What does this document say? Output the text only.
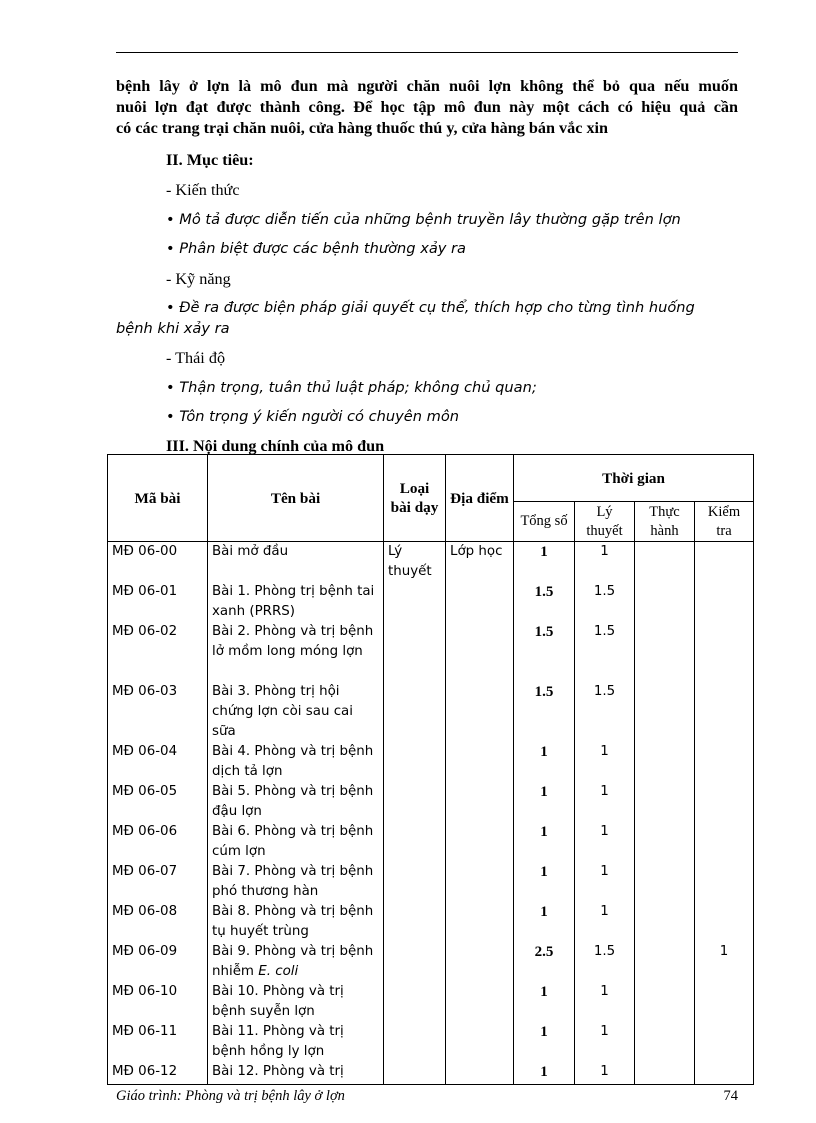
bệnh lây ở lợn là mô đun mà người chăn nuôi lợn không thể bỏ qua nếu muốn
nuôi lợn đạt được thành công. Để học tập mô đun này một cách có hiệu quả cần
có các trang trại chăn nuôi, cửa hàng thuốc thú y, cửa hàng bán vắc xin
II. Mục tiêu:
- Kiến thức
• Mô tả được diễn tiến của những bệnh truyền lây thường gặp trên lợn
• Phân biệt được các bệnh thường xảy ra
- Kỹ năng
• Đề ra được biện pháp giải quyết cụ thể, thích hợp cho từng tình huống
bệnh khi xảy ra
- Thái độ
• Thận trọng, tuân thủ luật pháp; không chủ quan;
• Tôn trọng ý kiến người có chuyên môn
III. Nội dung chính của mô đun
Mã bài	Tên bài	Loại bài dạy	Địa điểm	Thời gian			
				Tổng số	Lý thuyết	Thực hành	Kiểm tra
MĐ 06-00	Bài mở đầu	Lý thuyết	Lớp học	1	1		
MĐ 06-01	Bài 1. Phòng trị bệnh tai xanh (PRRS)			1.5	1.5		
MĐ 06-02	Bài 2. Phòng và trị bệnh lở mồm long móng lợn			1.5	1.5		
MĐ 06-03	Bài 3. Phòng trị hội chứng lợn còi sau cai sữa			1.5	1.5		
MĐ 06-04	Bài 4. Phòng và trị bệnh dịch tả lợn			1	1		
MĐ 06-05	Bài 5. Phòng và trị bệnh đậu lợn			1	1		
MĐ 06-06	Bài 6. Phòng và trị bệnh cúm lợn			1	1		
MĐ 06-07	Bài 7. Phòng và trị bệnh phó thương hàn			1	1		
MĐ 06-08	Bài 8. Phòng và trị bệnh tụ huyết trùng			1	1		
MĐ 06-09	Bài 9. Phòng và trị bệnh nhiễm E. coli			2.5	1.5		1
MĐ 06-10	Bài 10. Phòng và trị bệnh suyễn lợn			1	1		
MĐ 06-11	Bài 11. Phòng và trị bệnh hồng ly lợn			1	1		
MĐ 06-12	Bài 12. Phòng và trị			1	1		
Giáo trình: Phòng và trị bệnh lây ở lợn	74
